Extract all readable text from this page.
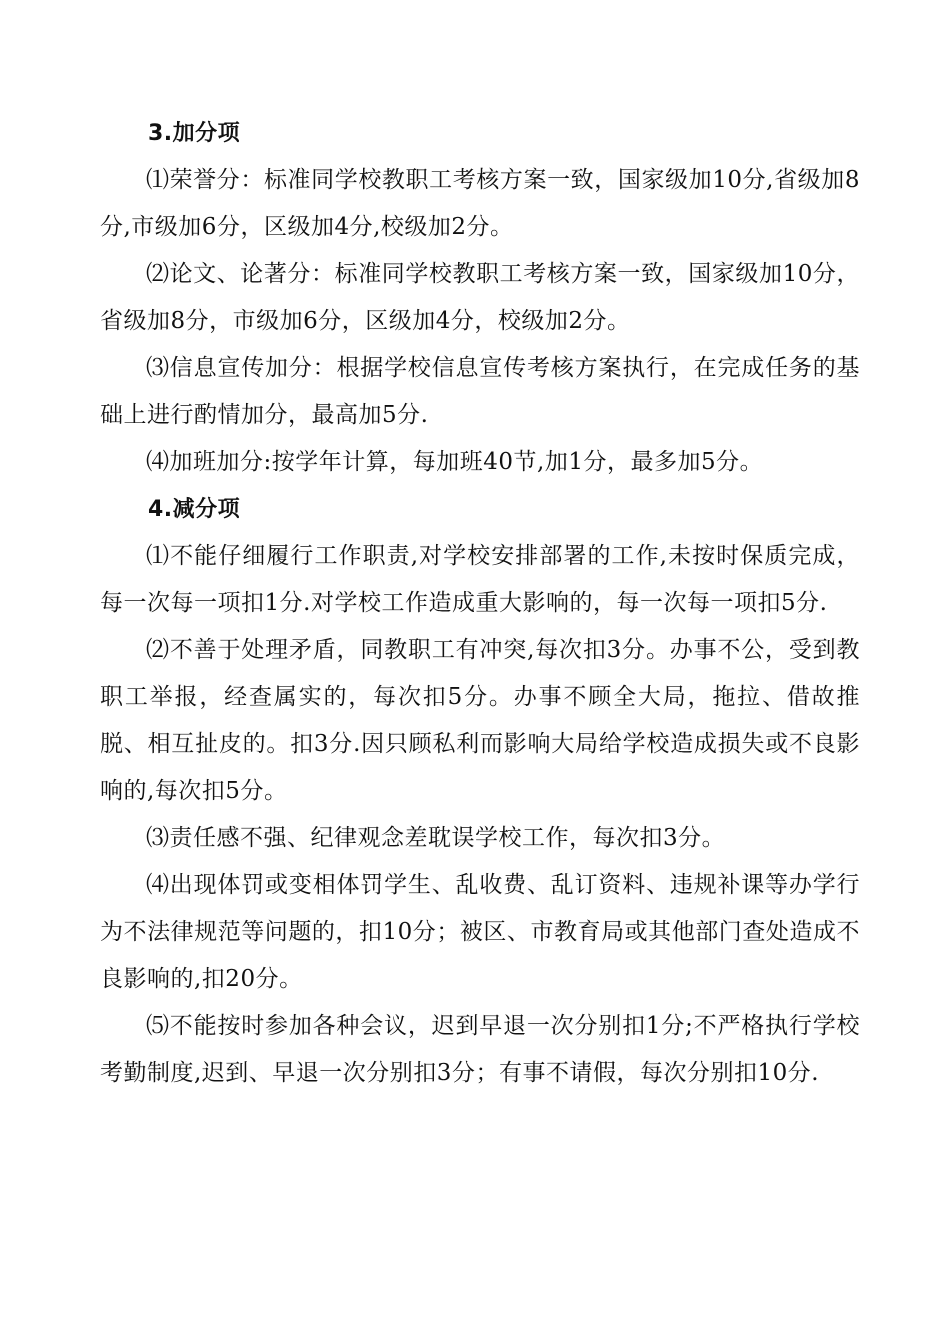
3.加分项

⑴荣誉分：标准同学校教职工考核方案一致，国家级加10分,省级加8分,市级加6分，区级加4分,校级加2分。

⑵论文、论著分：标准同学校教职工考核方案一致，国家级加10分，省级加8分，市级加6分，区级加4分，校级加2分。

⑶信息宣传加分：根据学校信息宣传考核方案执行，在完成任务的基础上进行酌情加分，最高加5分.

⑷加班加分:按学年计算，每加班40节,加1分，最多加5分。

4.减分项

⑴不能仔细履行工作职责,对学校安排部署的工作,未按时保质完成，每一次每一项扣1分.对学校工作造成重大影响的，每一次每一项扣5分.

⑵不善于处理矛盾，同教职工有冲突,每次扣3分。办事不公，受到教职工举报，经查属实的，每次扣5分。办事不顾全大局，拖拉、借故推脱、相互扯皮的。扣3分.因只顾私利而影响大局给学校造成损失或不良影响的,每次扣5分。

⑶责任感不强、纪律观念差耽误学校工作，每次扣3分。

⑷出现体罚或变相体罚学生、乱收费、乱订资料、违规补课等办学行为不法律规范等问题的，扣10分；被区、市教育局或其他部门查处造成不良影响的,扣20分。

⑸不能按时参加各种会议，迟到早退一次分别扣1分;不严格执行学校考勤制度,迟到、早退一次分别扣3分；有事不请假，每次分别扣10分.
